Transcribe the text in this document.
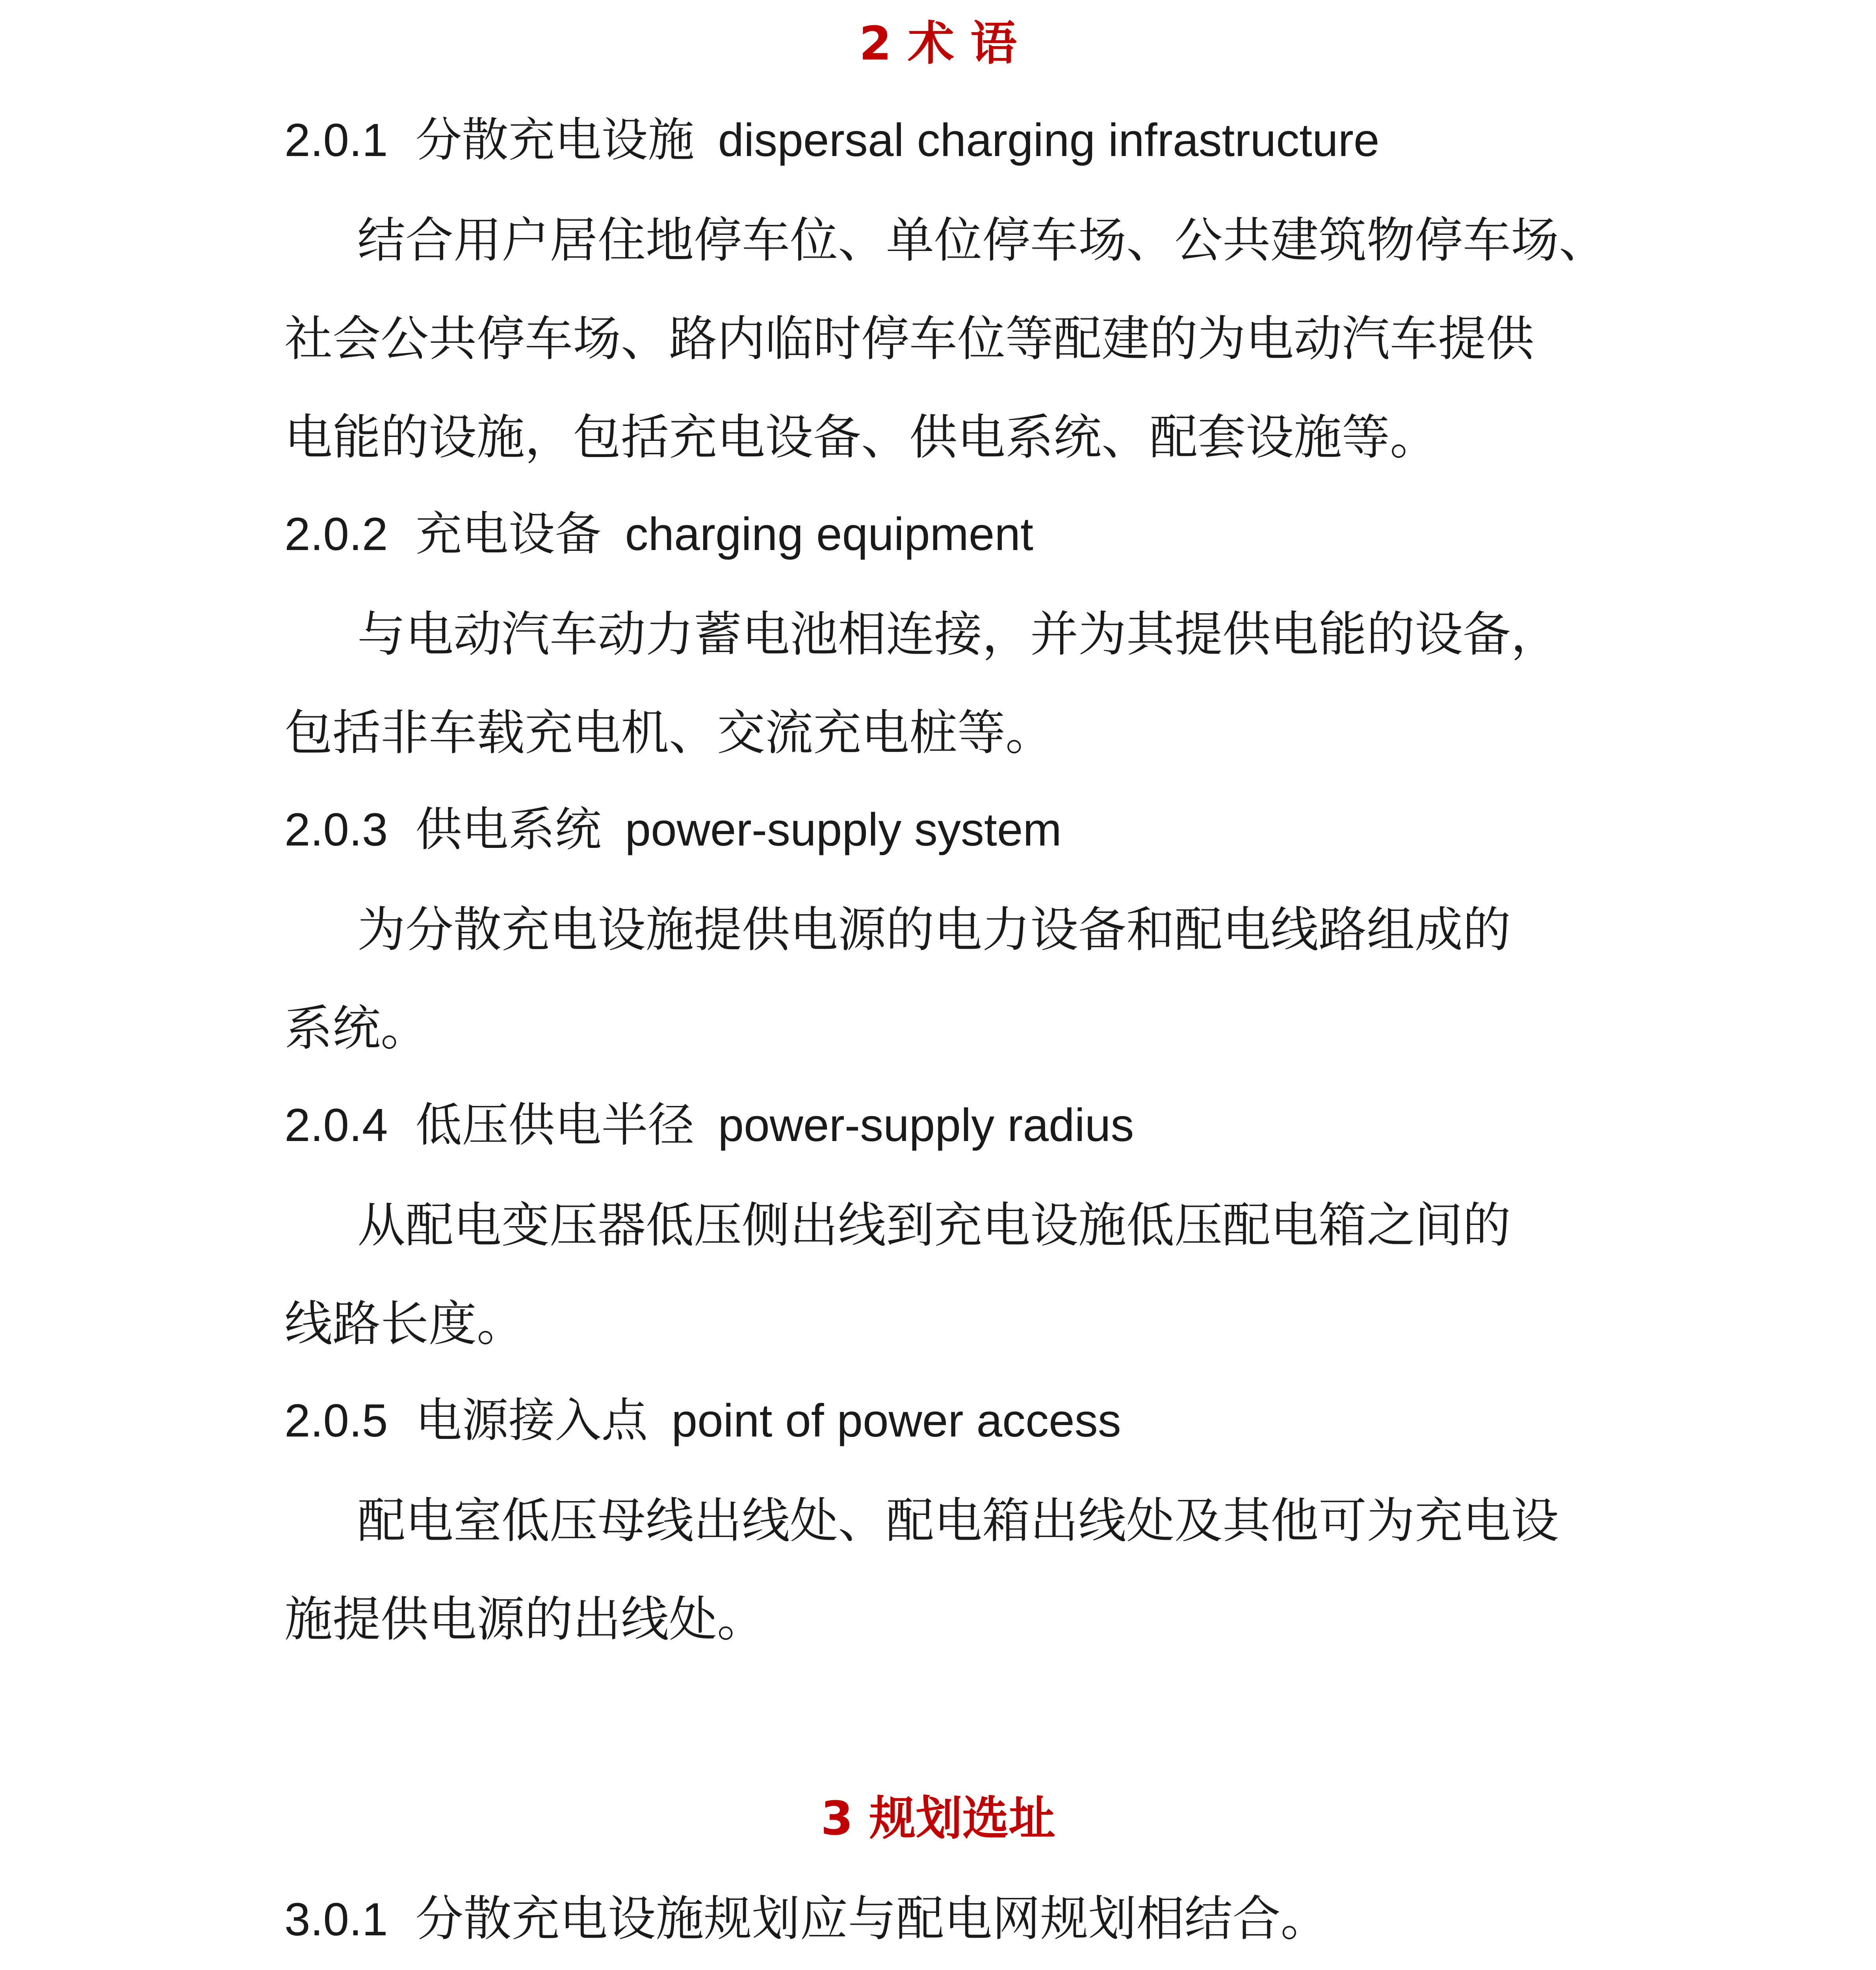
2 术 语
2.0.1 分散充电设施 dispersal charging infrastructure
结合用户居住地停车位、单位停车场、公共建筑物停车场、
社会公共停车场、路内临时停车位等配建的为电动汽车提供
电能的设施，包括充电设备、供电系统、配套设施等。
2.0.2 充电设备 charging equipment
与电动汽车动力蓄电池相连接，并为其提供电能的设备，
包括非车载充电机、交流充电桩等。
2.0.3 供电系统 power-supply system
为分散充电设施提供电源的电力设备和配电线路组成的
系统。
2.0.4 低压供电半径 power-supply radius
从配电变压器低压侧出线到充电设施低压配电箱之间的
线路长度。
2.0.5 电源接入点 point of power access
配电室低压母线出线处、配电箱出线处及其他可为充电设
施提供电源的出线处。
3 规划选址
3.0.1 分散充电设施规划应与配电网规划相结合。
